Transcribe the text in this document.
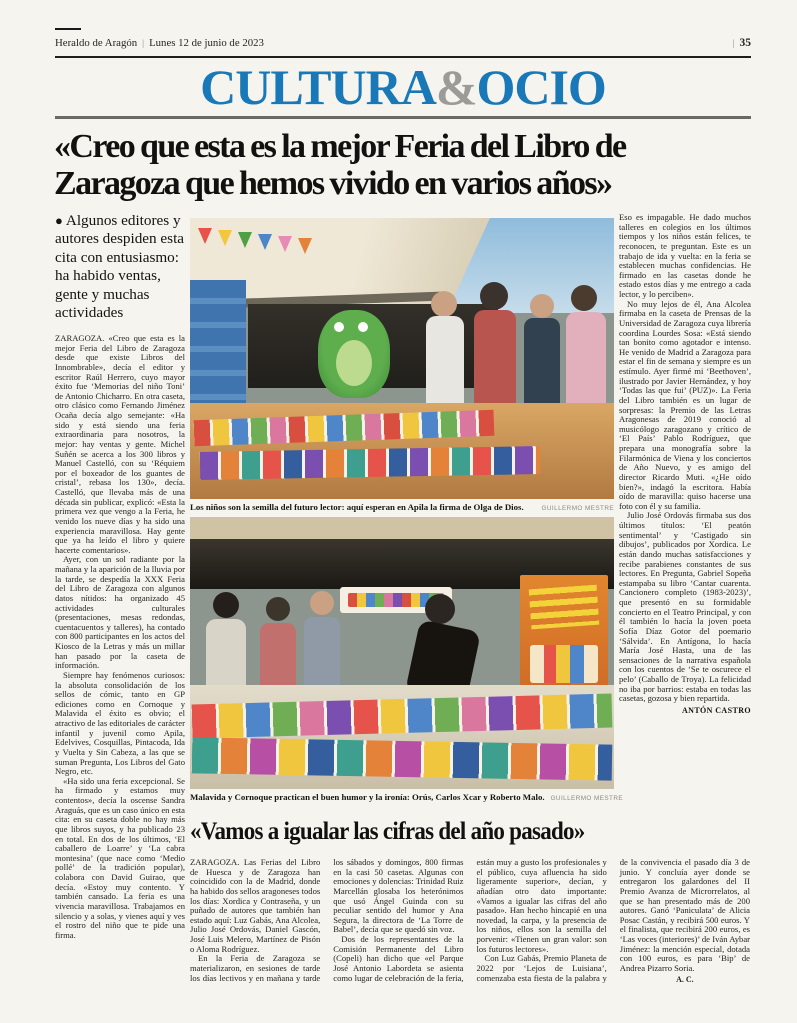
Heraldo de Aragón | Lunes 12 de junio de 2023	| 35
CULTURA&OCIO
«Creo que esta es la mejor Feria del Libro de Zaragoza que hemos vivido en varios años»
● Algunos editores y autores despiden esta cita con entusiasmo: ha habido ventas, gente y muchas actividades

ZARAGOZA. «Creo que esta es la mejor Feria del Libro de Zaragoza desde que existe Libros del Innombrable», decía el editor y escritor Raúl Herrero, cuyo mayor éxito fue ‘Memorias del niño Toni’ de Antonio Chicharro. En otra caseta, otro clásico como Fernando Jiménez Ocaña decía algo semejante: «Ha sido y está siendo una feria extraordinaria para nosotros, la mejor: hay ventas y gente. Michel Suñén se acerca a los 300 libros y Manuel Castelló, con su ‘Réquiem por el boxeador de los guantes de cristal’, rebasa los 130», decía. Castelló, que llevaba más de una década sin publicar, explicó: «Esta la primera vez que vengo a la Feria, he venido los nueve días y ha sido una experiencia maravillosa. Hay gente que ya ha leído el libro y quiere hacerte comentarios».

Ayer, con un sol radiante por la mañana y la aparición de la lluvia por la tarde, se despedía la XXX Feria del Libro de Zaragoza con algunos datos nítidos: ha organizado 45 actividades culturales (presentaciones, mesas redondas, cuentacuentos y talleres), ha contado con 800 participantes en los actos del Kiosco de la Letras y más un millar han pasado por la caseta de información.

Siempre hay fenómenos curiosos: la absoluta consolidación de los sellos de cómic, tanto en GP ediciones como en Cornoque y Malavida el éxito es obvio; el atractivo de las editoriales de carácter infantil y juvenil como Apila, Edelvives, Cosquillas, Pintacoda, Ida y Vuelta y Sin Cabeza, a las que se suman Pregunta, Los Libros del Gato Negro, etc.

«Ha sido una feria excepcional. Se ha firmado y estamos muy contentos», decía la oscense Sandra Araguás, que es un caso único en esta cita: en su caseta doble no hay más que libros suyos, y ha publicado 23 en total. En dos de los últimos, ‘El caballero de Loarre’ y ‘La cabra montesina’ (que nace como ‘Medio pollé’ de la tradición popular), colabora con David Guirao, que decía. «Estoy muy contento. Y también cansado. La feria es una vivencia maravillosa. Trabajamos en silencio y a solas, y vienes aquí y ves el rostro del niño que te pide una firma.

Los niños son la semilla del futuro lector: aquí esperan en Apila la firma de Olga de Dios.	GUILLERMO MESTRE
Malavida y Cornoque practican el buen humor y la ironía: Orús, Carlos Xcar y Roberto Malo. GUILLERMO MESTRE

Eso es impagable. He dado muchos talleres en colegios en los últimos tiempos y los niños están felices, te reconocen, te preguntan. Este es un trabajo de ida y vuelta: en la feria se establecen muchas confidencias. He firmado en las casetas donde he estado estos días y me entrego a cada lector, y lo perciben».

No muy lejos de él, Ana Alcolea firmaba en la caseta de Prensas de la Universidad de Zaragoza cuya librería coordina Lourdes Sosa: «Está siendo tan bonito como agotador e intenso. He venido de Madrid a Zaragoza para estar el fin de semana y siempre es un estímulo. Ayer firmé mi ‘Beethoven’, ilustrado por Javier Hernández, y hoy ‘Todas las que fui’ (PUZ)». La Feria del Libro también es un lugar de sorpresas: la Premio de las Letras Aragonesas de 2019 conoció al musicólogo zaragozano y crítico de ‘El País’ Pablo Rodríguez, que prepara una monografía sobre la Filarmónica de Viena y los conciertos de Año Nuevo, y es amigo del director Ricardo Muti. «¿He oído bien?», indagó la escritora. Había oído de maravilla: quiso hacerse una foto con él y su familia.

Julio José Ordovás firmaba sus dos últimos títulos: ‘El peatón sentimental’ y ‘Castigado sin dibujos’, publicados por Xordica. Le están dando muchas satisfacciones y recibe parabienes constantes de sus lectores. En Pregunta, Gabriel Sopeña estampaba su libro ‘Cantar cuarenta. Cancionero completo (1983-2023)’, que presentó en su formidable concierto en el Teatro Principal, y con él también lo hacía la joven poeta Sofía Díaz Gotor del poemario ‘Sálvida’. En Antígona, lo hacía María José Hasta, una de las sensaciones de la narrativa española con los cuentos de ‘Se te oscurece el pelo’ (Caballo de Troya). La felicidad no iba por barrios: estaba en todas las casetas, gozosa y bien repartida.

ANTÓN CASTRO
«Vamos a igualar las cifras del año pasado»

ZARAGOZA. Las Ferias del Libro de Huesca y de Zaragoza han coincidido con la de Madrid, donde ha habido dos sellos aragoneses todos los días: Xordica y Contraseña, y un puñado de autores que también han estado aquí: Luz Gabás, Ana Alcolea, Julio José Ordovás, Daniel Gascón, José Luis Melero, Martínez de Pisón o Aloma Rodríguez.

En la Feria de Zaragoza se materializaron, en sesiones de tarde los días lectivos y en mañana y tarde los sábados y domingos, 800 firmas en la casi 50 casetas. Algunas con emociones y dolencias: Trinidad Ruiz Marcellán glosaba los heterónimos que usó Ángel Guinda con su peculiar sentido del humor y Ana Segura, la directora de ‘La Torre de Babel’, decía que se quedó sin voz.

Dos de los representantes de la Comisión Permanente del Libro (Copeli) han dicho que «el Parque José Antonio Labordeta se asienta como lugar de celebración de la feria, están muy a gusto los profesionales y el público, cuya afluencia ha sido ligeramente superior», decían, y añadían otro dato importante: «Vamos a igualar las cifras del año pasado». Han hecho hincapié en una novedad, la carpa, y la presencia de los niños, ellos son la semilla del porvenir: «Tienen un gran valor: son los futuros lectores».

Con Luz Gabás, Premio Planeta de 2022 por ‘Lejos de Luisiana’, comenzaba esta fiesta de la palabra y de la convivencia el pasado día 3 de junio. Y concluía ayer donde se entregaron los galardones del II Premio Avanza de Microrrelatos, al que se han presentado más de 200 autores. Ganó ‘Paniculata’ de Alicia Posac Castán, y recibirá 500 euros. Y el finalista, que recibirá 200 euros, es ‘Las voces (interiores)’ de Iván Aybar Jiménez: la mención especial, dotada con 100 euros, es para ‘Bip’ de Andrea Pizarro Soria.

A. C.
